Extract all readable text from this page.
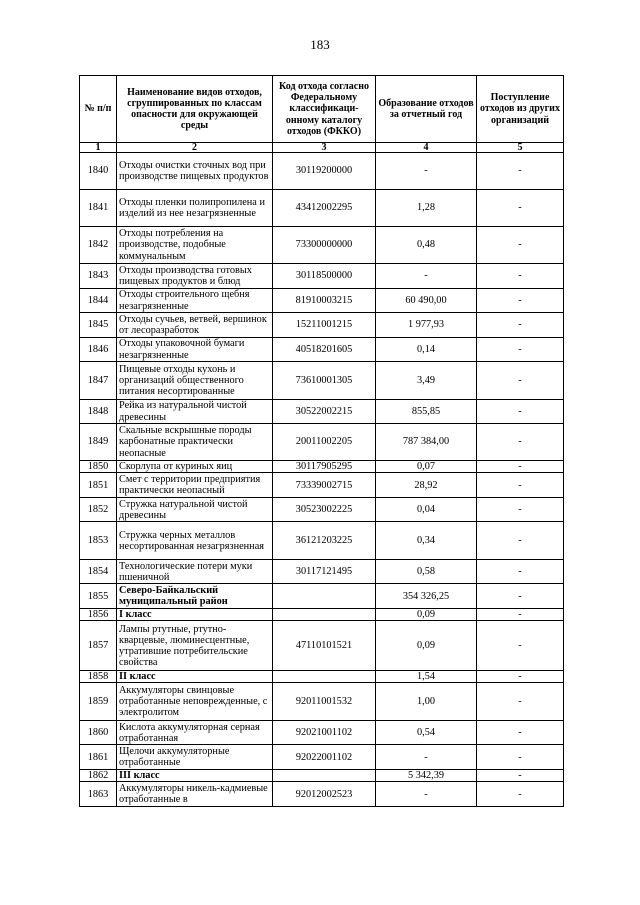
183
№ п/п	Наименование видов отходов, сгруппированных по классам опасности для окружающей среды	Код отхода согласно Федеральному классификаци-онному каталогу отходов (ФККО)	Образование отходов за отчетный год	Поступление отходов из других организаций
1	2	3	4	5
1840	Отходы очистки сточных вод при производстве пищевых продуктов	30119200000	-	-
1841	Отходы пленки полипропилена и изделий из нее незагрязненные	43412002295	1,28	-
1842	Отходы потребления на производстве, подобные коммунальным	73300000000	0,48	-
1843	Отходы производства готовых пищевых продуктов и блюд	30118500000	-	-
1844	Отходы строительного щебня незагрязненные	81910003215	60 490,00	-
1845	Отходы сучьев, ветвей, вершинок от лесоразработок	15211001215	1 977,93	-
1846	Отходы упаковочной бумаги незагрязненные	40518201605	0,14	-
1847	Пищевые отходы кухонь и организаций общественного питания несортированные	73610001305	3,49	-
1848	Рейка из натуральной чистой древесины	30522002215	855,85	-
1849	Скальные вскрышные породы карбонатные практически неопасные	20011002205	787 384,00	-
1850	Скорлупа от куриных яиц	30117905295	0,07	-
1851	Смет с территории предприятия практически неопасный	73339002715	28,92	-
1852	Стружка натуральной чистой древесины	30523002225	0,04	-
1853	Стружка черных металлов несортированная незагрязненная	36121203225	0,34	-
1854	Технологические потери муки пшеничной	30117121495	0,58	-
1855	Северо-Байкальский муниципальный район		354 326,25	-
1856	I класс		0,09	-
1857	Лампы ртутные, ртутно-кварцевые, люминесцентные, утратившие потребительские свойства	47110101521	0,09	-
1858	II класс		1,54	-
1859	Аккумуляторы свинцовые отработанные неповрежденные, с электролитом	92011001532	1,00	-
1860	Кислота аккумуляторная серная отработанная	92021001102	0,54	-
1861	Щелочи аккумуляторные отработанные	92022001102	-	-
1862	III класс		5 342,39	-
1863	Аккумуляторы никель-кадмиевые отработанные в	92012002523	-	-
